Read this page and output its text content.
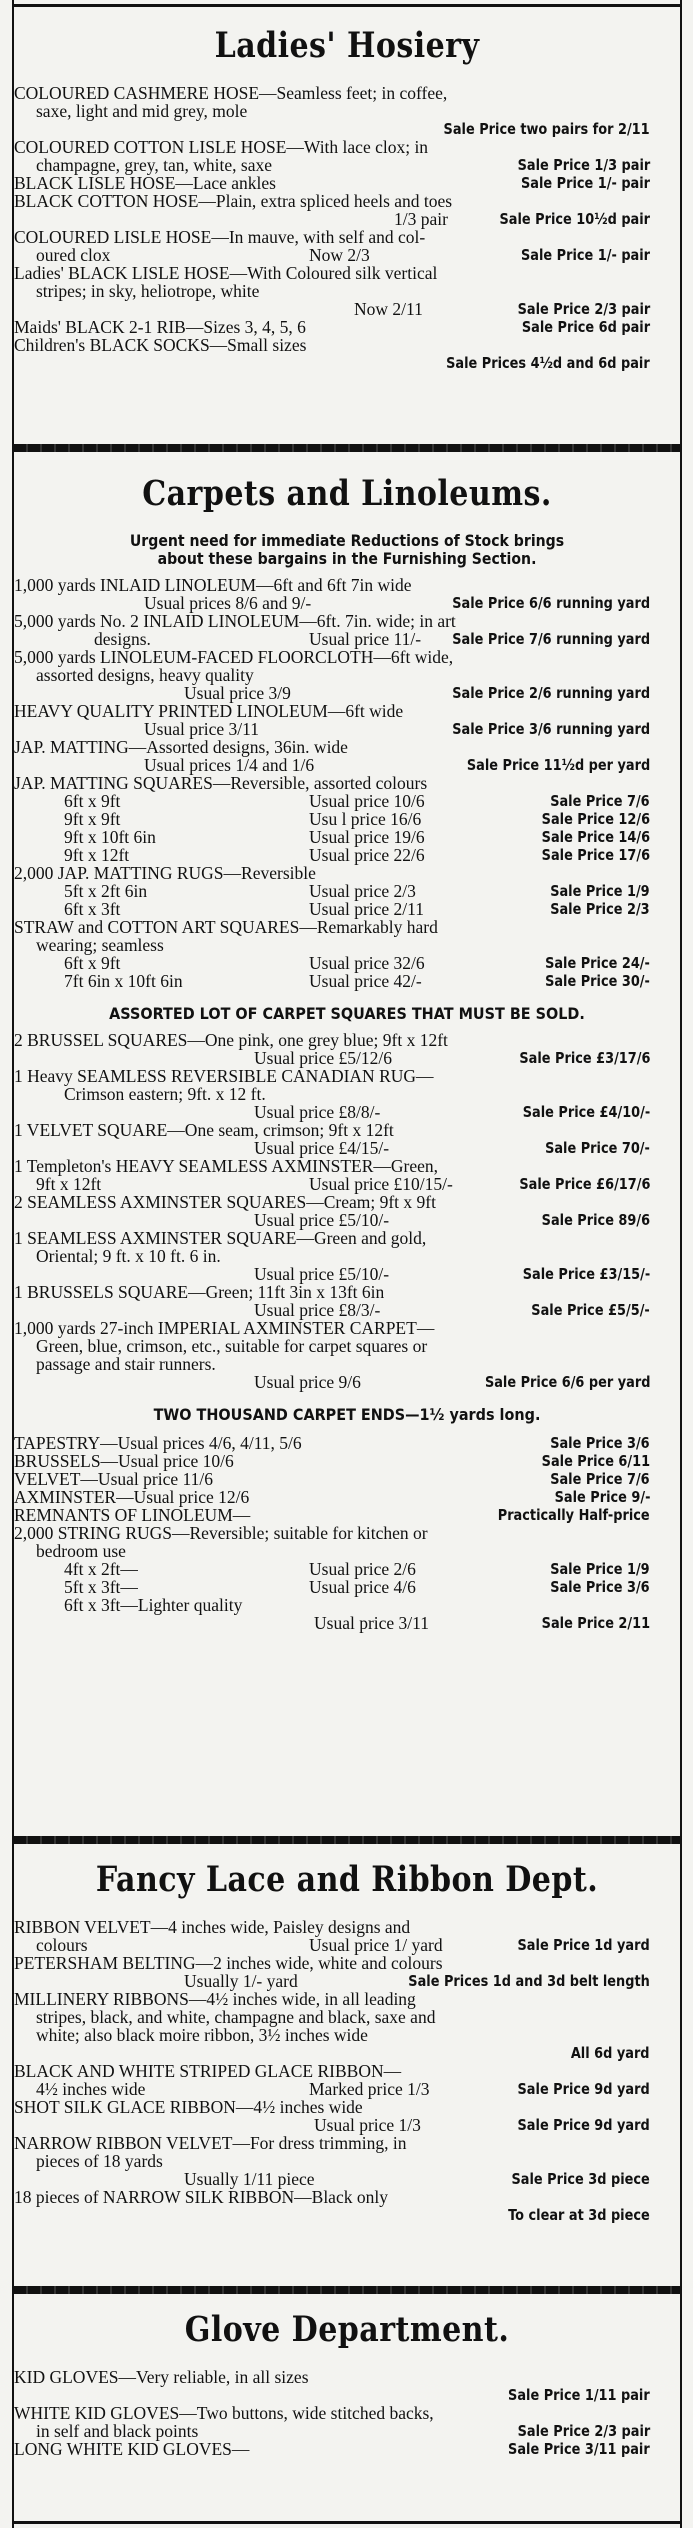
Ladies' Hosiery
COLOURED CASHMERE HOSE—Seamless feet; in coffee,
saxe, light and mid grey, mole
Sale Price two pairs for 2/11
COLOURED COTTON LISLE HOSE—With lace clox; in
champagne, grey, tan, white, saxe	Sale Price 1/3 pair
BLACK LISLE HOSE—Lace ankles	Sale Price 1/- pair
BLACK COTTON HOSE—Plain, extra spliced heels and toes
1/3 pair	Sale Price 10½d pair
COLOURED LISLE HOSE—In mauve, with self and col-
oured clox	Now 2/3	Sale Price 1/- pair
Ladies' BLACK LISLE HOSE—With Coloured silk vertical
stripes; in sky, heliotrope, white
Now 2/11	Sale Price 2/3 pair
Maids' BLACK 2-1 RIB—Sizes 3, 4, 5, 6	Sale Price 6d pair
Children's BLACK SOCKS—Small sizes
Sale Prices 4½d and 6d pair
Carpets and Linoleums.
Urgent need for immediate Reductions of Stock brings about these bargains in the Furnishing Section.
1,000 yards INLAID LINOLEUM—6ft and 6ft 7in wide
Usual prices 8/6 and 9/-	Sale Price 6/6 running yard
5,000 yards No. 2 INLAID LINOLEUM—6ft. 7in. wide; in art
designs.	Usual price 11/- Sale Price 7/6 running yard
5,000 yards LINOLEUM-FACED FLOORCLOTH—6ft wide,
assorted designs, heavy quality
Usual price 3/9	Sale Price 2/6 running yard
HEAVY QUALITY PRINTED LINOLEUM—6ft wide
Usual price 3/11	Sale Price 3/6 running yard
JAP. MATTING—Assorted designs, 36in. wide
Usual prices 1/4 and 1/6	Sale Price 11½d per yard
JAP. MATTING SQUARES—Reversible, assorted colours
6ft x 9ft	Usual price 10/6	Sale Price 7/6
9ft x 9ft	Usu l price 16/6	Sale Price 12/6
9ft x 10ft 6in	Usual price 19/6	Sale Price 14/6
9ft x 12ft	Usual price 22/6	Sale Price 17/6
2,000 JAP. MATTING RUGS—Reversible
5ft x 2ft 6in	Usual price 2/3	Sale Price 1/9
6ft x 3ft	Usual price 2/11	Sale Price 2/3
STRAW and COTTON ART SQUARES—Remarkably hard
wearing; seamless
6ft x 9ft	Usual price 32/6	Sale Price 24/-
7ft 6in x 10ft 6in	Usual price 42/-	Sale Price 30/-
ASSORTED LOT OF CARPET SQUARES THAT MUST BE SOLD.
2 BRUSSEL SQUARES—One pink, one grey blue; 9ft x 12ft
Usual price £5/12/6	Sale Price £3/17/6
1 Heavy SEAMLESS REVERSIBLE CANADIAN RUG—
Crimson eastern; 9ft. x 12 ft.
Usual price £8/8/-	Sale Price £4/10/-
1 VELVET SQUARE—One seam, crimson; 9ft x 12ft
Usual price £4/15/-	Sale Price 70/-
1 Templeton's HEAVY SEAMLESS AXMINSTER—Green,
9ft x 12ft	Usual price £10/15/-	Sale Price £6/17/6
2 SEAMLESS AXMINSTER SQUARES—Cream; 9ft x 9ft
Usual price £5/10/-	Sale Price 89/6
1 SEAMLESS AXMINSTER SQUARE—Green and gold,
Oriental; 9 ft. x 10 ft. 6 in.
Usual price £5/10/-	Sale Price £3/15/-
1 BRUSSELS SQUARE—Green; 11ft 3in x 13ft 6in
Usual price £8/3/-	Sale Price £5/5/-
1,000 yards 27-inch IMPERIAL AXMINSTER CARPET—
Green, blue, crimson, etc., suitable for carpet squares or
passage and stair runners.
Usual price 9/6	Sale Price 6/6 per yard
TWO THOUSAND CARPET ENDS—1½ yards long.
TAPESTRY—Usual prices 4/6, 4/11, 5/6	Sale Price 3/6
BRUSSELS—Usual price 10/6	Sale Price 6/11
VELVET—Usual price 11/6	Sale Price 7/6
AXMINSTER—Usual price 12/6	Sale Price 9/-
REMNANTS OF LINOLEUM—	Practically Half-price
2,000 STRING RUGS—Reversible; suitable for kitchen or
bedroom use
4ft x 2ft—	Usual price 2/6	Sale Price 1/9
5ft x 3ft—	Usual price 4/6	Sale Price 3/6
6ft x 3ft—Lighter quality
Usual price 3/11	Sale Price 2/11
Fancy Lace and Ribbon Dept.
RIBBON VELVET—4 inches wide, Paisley designs and
colours	Usual price 1/ yard	Sale Price 1d yard
PETERSHAM BELTING—2 inches wide, white and colours
Usually 1/- yard	Sale Prices 1d and 3d belt length
MILLINERY RIBBONS—4½ inches wide, in all leading
stripes, black, and white, champagne and black, saxe and
white; also black moire ribbon, 3½ inches wide
All 6d yard
BLACK AND WHITE STRIPED GLACE RIBBON—
4½ inches wide	Marked price 1/3	Sale Price 9d yard
SHOT SILK GLACE RIBBON—4½ inches wide
Usual price 1/3	Sale Price 9d yard
NARROW RIBBON VELVET—For dress trimming, in
pieces of 18 yards
Usually 1/11 piece	Sale Price 3d piece
18 pieces of NARROW SILK RIBBON—Black only
To clear at 3d piece
Glove Department.
KID GLOVES—Very reliable, in all sizes
Sale Price 1/11 pair
WHITE KID GLOVES—Two buttons, wide stitched backs,
in self and black points	Sale Price 2/3 pair
LONG WHITE KID GLOVES—	Sale Price 3/11 pair
